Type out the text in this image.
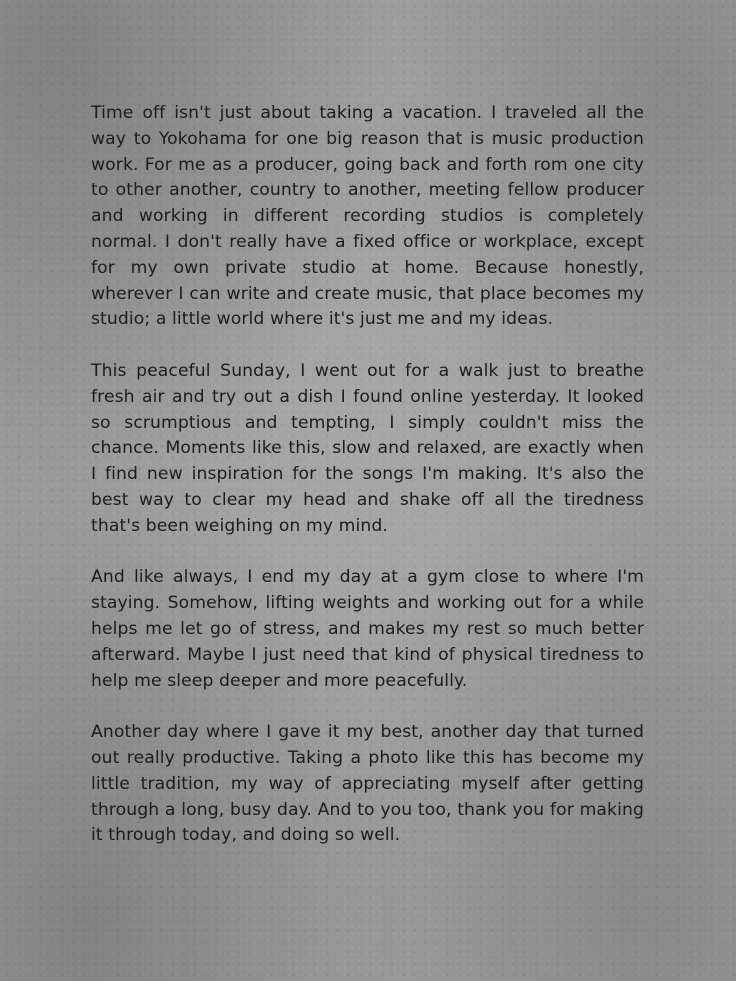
Time off isn't just about taking a vacation. I traveled all the way to Yokohama for one big reason that is music production work. For me as a producer, going back and forth rom one city to other another, country to another, meeting fellow producer and working in different recording studios is completely normal. I don't really have a fixed office or workplace, except for my own private studio at home. Because honestly, wherever I can write and create music, that place becomes my studio; a little world where it's just me and my ideas.

This peaceful Sunday, I went out for a walk just to breathe fresh air and try out a dish I found online yesterday. It looked so scrumptious and tempting, I simply couldn't miss the chance. Moments like this, slow and relaxed, are exactly when I find new inspiration for the songs I'm making. It's also the best way to clear my head and shake off all the tiredness that's been weighing on my mind.

And like always, I end my day at a gym close to where I'm staying. Somehow, lifting weights and working out for a while helps me let go of stress, and makes my rest so much better afterward. Maybe I just need that kind of physical tiredness to help me sleep deeper and more peacefully.

Another day where I gave it my best, another day that turned out really productive. Taking a photo like this has become my little tradition, my way of appreciating myself after getting through a long, busy day. And to you too, thank you for making it through today, and doing so well.
